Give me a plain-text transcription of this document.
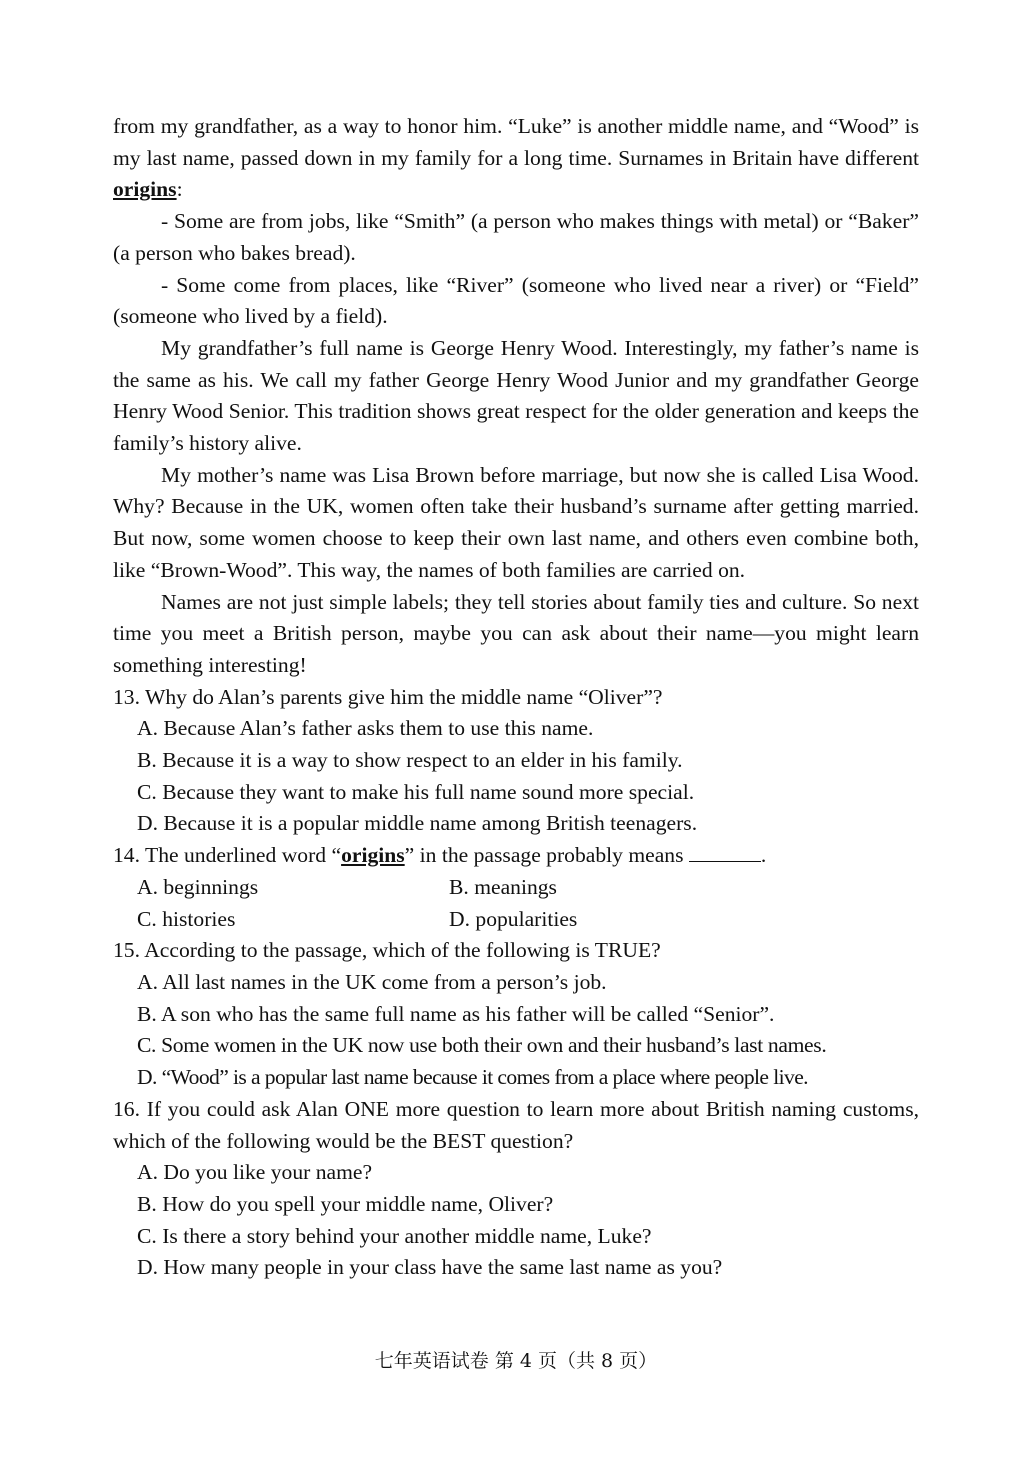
from my grandfather, as a way to honor him. “Luke” is another middle name, and “Wood” is my last name, passed down in my family for a long time. Surnames in Britain have different origins:

- Some are from jobs, like “Smith” (a person who makes things with metal) or “Baker” (a person who bakes bread).

- Some come from places, like “River” (someone who lived near a river) or “Field” (someone who lived by a field).

My grandfather’s full name is George Henry Wood. Interestingly, my father’s name is the same as his. We call my father George Henry Wood Junior and my grandfather George Henry Wood Senior. This tradition shows great respect for the older generation and keeps the family’s history alive.

My mother’s name was Lisa Brown before marriage, but now she is called Lisa Wood. Why? Because in the UK, women often take their husband’s surname after getting married. But now, some women choose to keep their own last name, and others even combine both, like “Brown-Wood”. This way, the names of both families are carried on.

Names are not just simple labels; they tell stories about family ties and culture. So next time you meet a British person, maybe you can ask about their name—you might learn something interesting!

13. Why do Alan’s parents give him the middle name “Oliver”?

A. Because Alan’s father asks them to use this name.

B. Because it is a way to show respect to an elder in his family.

C. Because they want to make his full name sound more special.

D. Because it is a popular middle name among British teenagers.

14. The underlined word “origins” in the passage probably means	.

A. beginnings	B. meanings
C. histories	D. popularities

15. According to the passage, which of the following is TRUE?

A. All last names in the UK come from a person’s job.

B. A son who has the same full name as his father will be called “Senior”.

C. Some women in the UK now use both their own and their husband’s last names.

D. “Wood” is a popular last name because it comes from a place where people live.

16. If you could ask Alan ONE more question to learn more about British naming customs, which of the following would be the BEST question?

A. Do you like your name?

B. How do you spell your middle name, Oliver?

C. Is there a story behind your another middle name, Luke?

D. How many people in your class have the same last name as you?

七年英语试卷 第 4 页（共 8 页）
